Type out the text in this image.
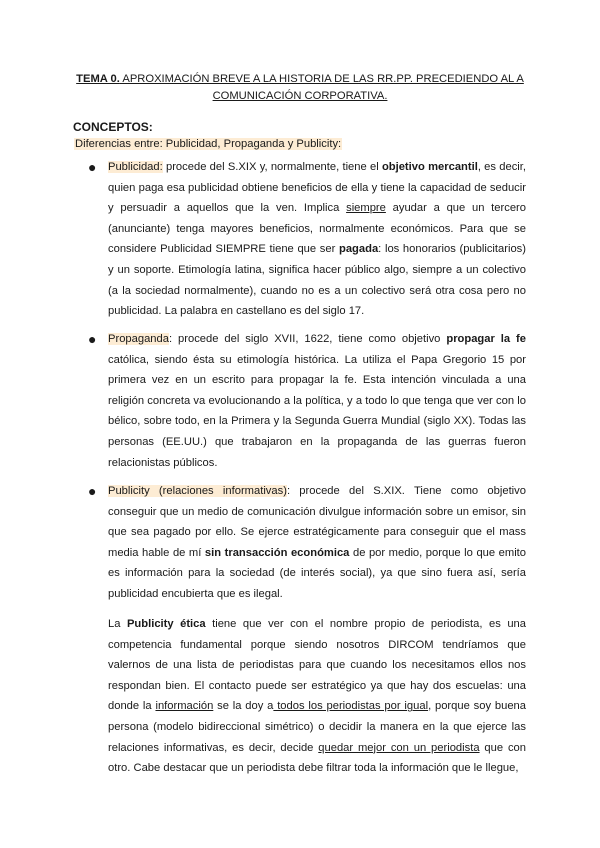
TEMA 0. APROXIMACIÓN BREVE A LA HISTORIA DE LAS RR.PP. PRECEDIENDO AL A
COMUNICACIÓN CORPORATIVA.
CONCEPTOS:
Diferencias entre: Publicidad, Propaganda y Publicity:
● Publicidad: procede del S.XIX y, normalmente, tiene el objetivo mercantil, es decir, quien paga esa publicidad obtiene beneficios de ella y tiene la capacidad de seducir y persuadir a aquellos que la ven. Implica siempre ayudar a que un tercero (anunciante) tenga mayores beneficios, normalmente económicos. Para que se considere Publicidad SIEMPRE tiene que ser pagada: los honorarios (publicitarios) y un soporte. Etimología latina, significa hacer público algo, siempre a un colectivo (a la sociedad normalmente), cuando no es a un colectivo será otra cosa pero no publicidad. La palabra en castellano es del siglo 17.
● Propaganda: procede del siglo XVII, 1622, tiene como objetivo propagar la fe católica, siendo ésta su etimología histórica. La utiliza el Papa Gregorio 15 por primera vez en un escrito para propagar la fe. Esta intención vinculada a una religión concreta va evolucionando a la política, y a todo lo que tenga que ver con lo bélico, sobre todo, en la Primera y la Segunda Guerra Mundial (siglo XX). Todas las personas (EE.UU.) que trabajaron en la propaganda de las guerras fueron relacionistas públicos.
● Publicity (relaciones informativas): procede del S.XIX. Tiene como objetivo conseguir que un medio de comunicación divulgue información sobre un emisor, sin que sea pagado por ello. Se ejerce estratégicamente para conseguir que el mass media hable de mí sin transacción económica de por medio, porque lo que emito es información para la sociedad (de interés social), ya que sino fuera así, sería publicidad encubierta que es ilegal.
La Publicity ética tiene que ver con el nombre propio de periodista, es una competencia fundamental porque siendo nosotros DIRCOM tendríamos que valernos de una lista de periodistas para que cuando los necesitamos ellos nos respondan bien. El contacto puede ser estratégico ya que hay dos escuelas: una donde la información se la doy a todos los periodistas por igual, porque soy buena persona (modelo bidireccional simétrico) o decidir la manera en la que ejerce las relaciones informativas, es decir, decide quedar mejor con un periodista que con otro. Cabe destacar que un periodista debe filtrar toda la información que le llegue,
